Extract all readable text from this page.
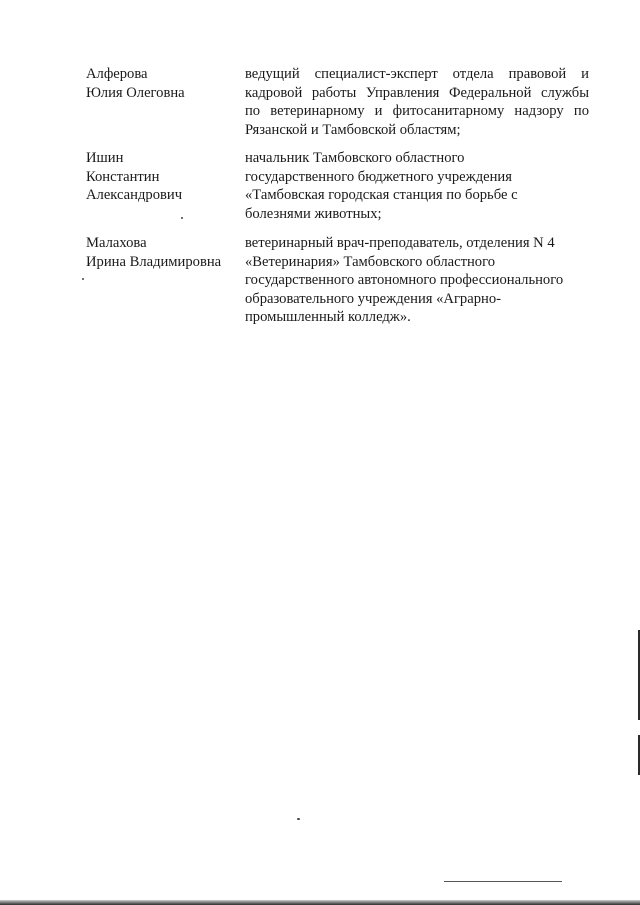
Алферова
Юлия Олеговна
ведущий специалист-эксперт отдела правовой и
кадровой работы Управления Федеральной службы
по ветеринарному и фитосанитарному надзору по
Рязанской и Тамбовской областям;
Ишин
Константин
Александрович
начальник Тамбовского областного
государственного бюджетного учреждения
«Тамбовская городская станция по борьбе с
болезнями животных;
Малахова
Ирина Владимировна
ветеринарный врач-преподаватель, отделения N 4
«Ветеринария» Тамбовского областного
государственного автономного профессионального
образовательного учреждения «Аграрно-
промышленный колледж».
